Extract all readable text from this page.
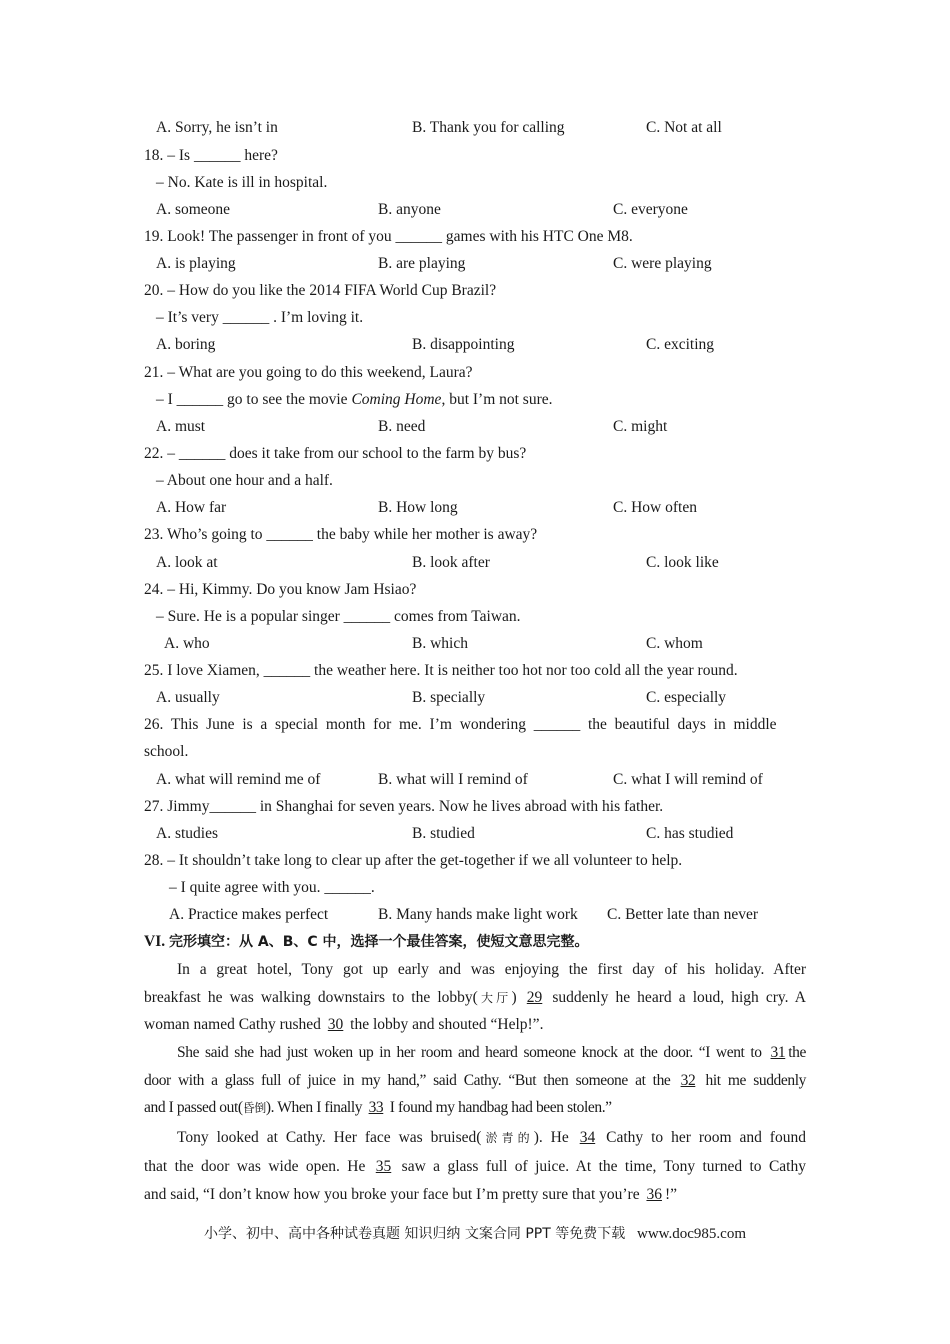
A. Sorry, he isn’t in	B. Thank you for calling	C. Not at all
18. – Is ______ here?
– No. Kate is ill in hospital.
A. someone	B. anyone	C. everyone
19. Look! The passenger in front of you ______ games with his HTC One M8.
A. is playing	B. are playing	C. were playing
20. – How do you like the 2014 FIFA World Cup Brazil?
– It’s very ______ . I’m loving it.
A. boring	B. disappointing	C. exciting
21. – What are you going to do this weekend, Laura?
– I ______ go to see the movie Coming Home, but I’m not sure.
A. must	B. need	C. might
22. – ______ does it take from our school to the farm by bus?
– About one hour and a half.
A. How far	B. How long	C. How often
23. Who’s going to ______ the baby while her mother is away?
A. look at	B. look after	C. look like
24. – Hi, Kimmy. Do you know Jam Hsiao?
– Sure. He is a popular singer ______ comes from Taiwan.
A. who	B. which	C. whom
25. I love Xiamen, ______ the weather here. It is neither too hot nor too cold all the year round.
A. usually	B. specially	C. especially
26.  This  June  is  a  special  month  for  me.  I’m  wondering  ______  the  beautiful  days  in  middle
school.
A. what will remind me of	B. what will I remind of	C. what I will remind of
27. Jimmy______ in Shanghai for seven years. Now he lives abroad with his father.
A. studies	B. studied	C. has studied
28. – It shouldn’t take long to clear up after the get-together if we all volunteer to help.
– I quite agree with you. ______.
A. Practice makes perfect	B. Many hands make light work C. Better late than never
VI. 完形填空：从 A、B、C 中，选择一个最佳答案，使短文意思完整。
In a great hotel, Tony got up early and was enjoying the first day of his holiday. After
breakfast he was walking downstairs to the lobby(大厅) 29 suddenly he heard a loud, high cry. A
woman named Cathy rushed 30 the lobby and shouted “Help!”.
She said she had just woken up in her room and heard someone knock at the door. “I went to 31 the
door with a glass full of juice in my hand,” said Cathy. “But then someone at the 32 hit me suddenly
and I passed out(昏倒). When I finally 33 I found my handbag had been stolen.”
Tony looked at Cathy. Her face was bruised(淤青的). He 34 Cathy to her room and found
that the door was wide open. He 35 saw a glass full of juice. At the time, Tony turned to Cathy
and said, “I don’t know how you broke your face but I’m pretty sure that you’re 36 !”
小学、初中、高中各种试卷真题 知识归纳 文案合同 PPT 等免费下载 www.doc985.com
